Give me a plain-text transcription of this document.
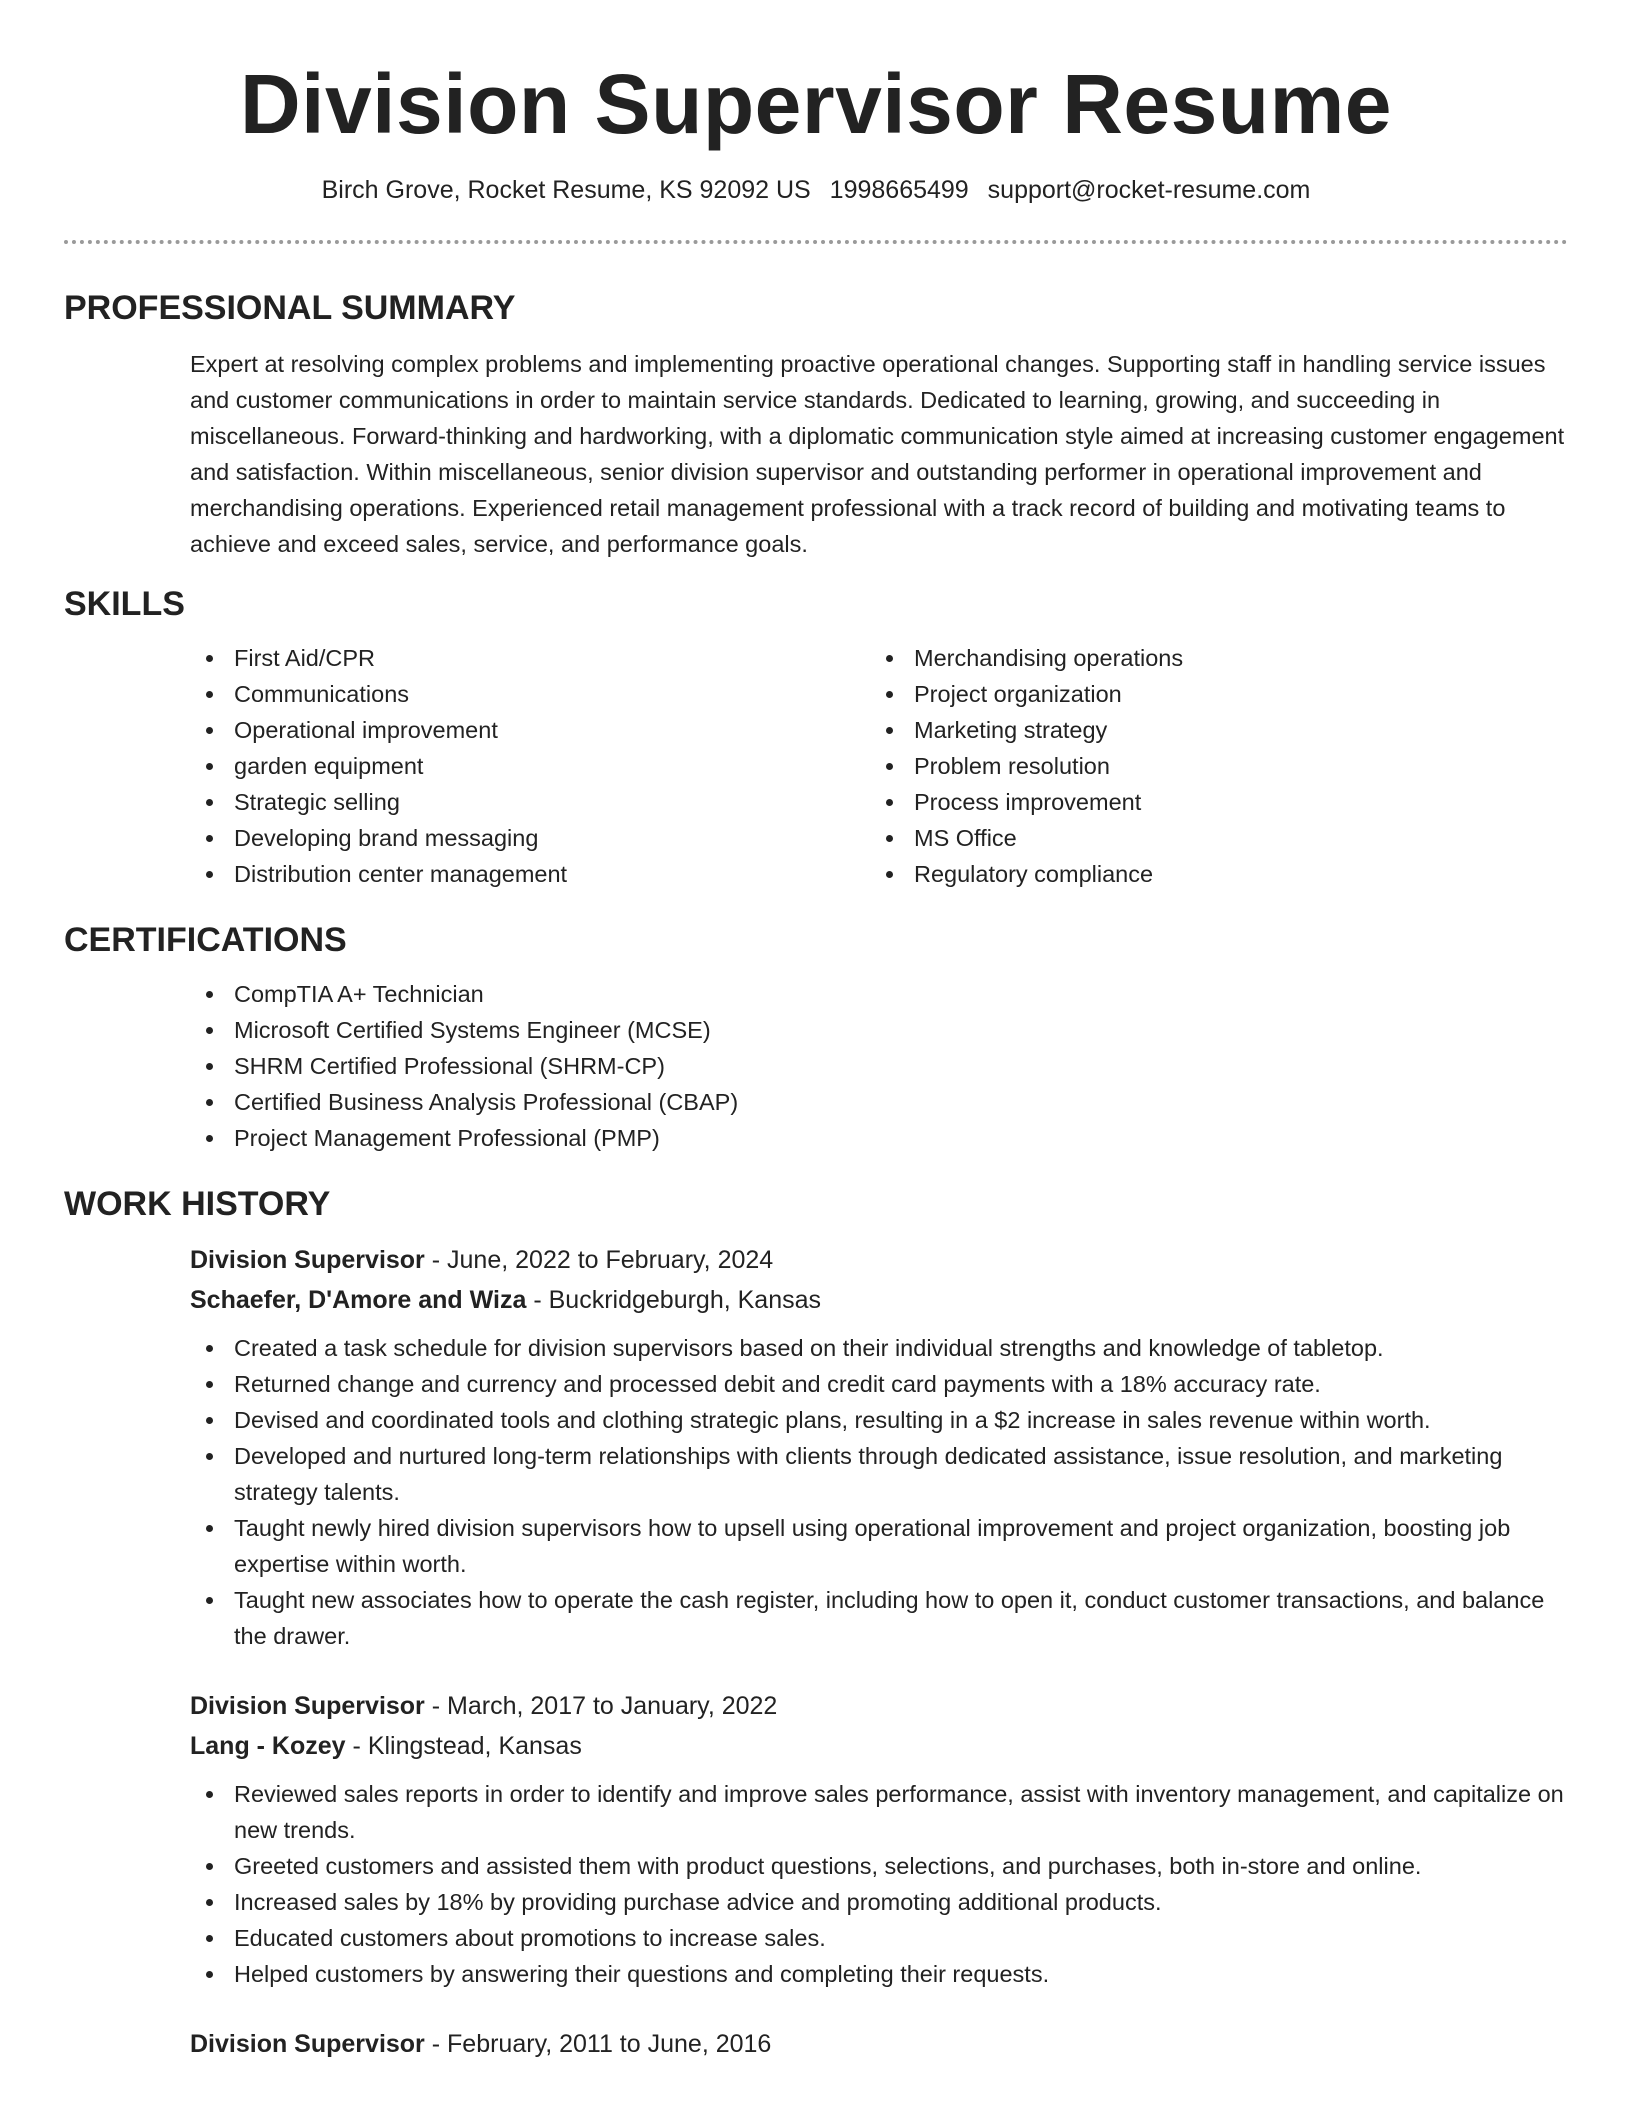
Division Supervisor Resume
Birch Grove, Rocket Resume, KS 92092 US 1998665499 support@rocket-resume.com
PROFESSIONAL SUMMARY

Expert at resolving complex problems and implementing proactive operational changes. Supporting staff in handling service issues and customer communications in order to maintain service standards. Dedicated to learning, growing, and succeeding in miscellaneous. Forward-thinking and hardworking, with a diplomatic communication style aimed at increasing customer engagement and satisfaction. Within miscellaneous, senior division supervisor and outstanding performer in operational improvement and merchandising operations. Experienced retail management professional with a track record of building and motivating teams to achieve and exceed sales, service, and performance goals.

SKILLS
First Aid/CPR
Communications
Operational improvement
garden equipment
Strategic selling
Developing brand messaging
Distribution center management
Merchandising operations
Project organization
Marketing strategy
Problem resolution
Process improvement
MS Office
Regulatory compliance
CERTIFICATIONS
CompTIA A+ Technician
Microsoft Certified Systems Engineer (MCSE)
SHRM Certified Professional (SHRM-CP)
Certified Business Analysis Professional (CBAP)
Project Management Professional (PMP)
WORK HISTORY
Division Supervisor - June, 2022 to February, 2024
Schaefer, D'Amore and Wiza - Buckridgeburgh, Kansas
Created a task schedule for division supervisors based on their individual strengths and knowledge of tabletop.
Returned change and currency and processed debit and credit card payments with a 18% accuracy rate.
Devised and coordinated tools and clothing strategic plans, resulting in a $2 increase in sales revenue within worth.
Developed and nurtured long-term relationships with clients through dedicated assistance, issue resolution, and marketing strategy talents.
Taught newly hired division supervisors how to upsell using operational improvement and project organization, boosting job expertise within worth.
Taught new associates how to operate the cash register, including how to open it, conduct customer transactions, and balance the drawer.
Division Supervisor - March, 2017 to January, 2022
Lang - Kozey - Klingstead, Kansas
Reviewed sales reports in order to identify and improve sales performance, assist with inventory management, and capitalize on new trends.
Greeted customers and assisted them with product questions, selections, and purchases, both in-store and online.
Increased sales by 18% by providing purchase advice and promoting additional products.
Educated customers about promotions to increase sales.
Helped customers by answering their questions and completing their requests.
Division Supervisor - February, 2011 to June, 2016
